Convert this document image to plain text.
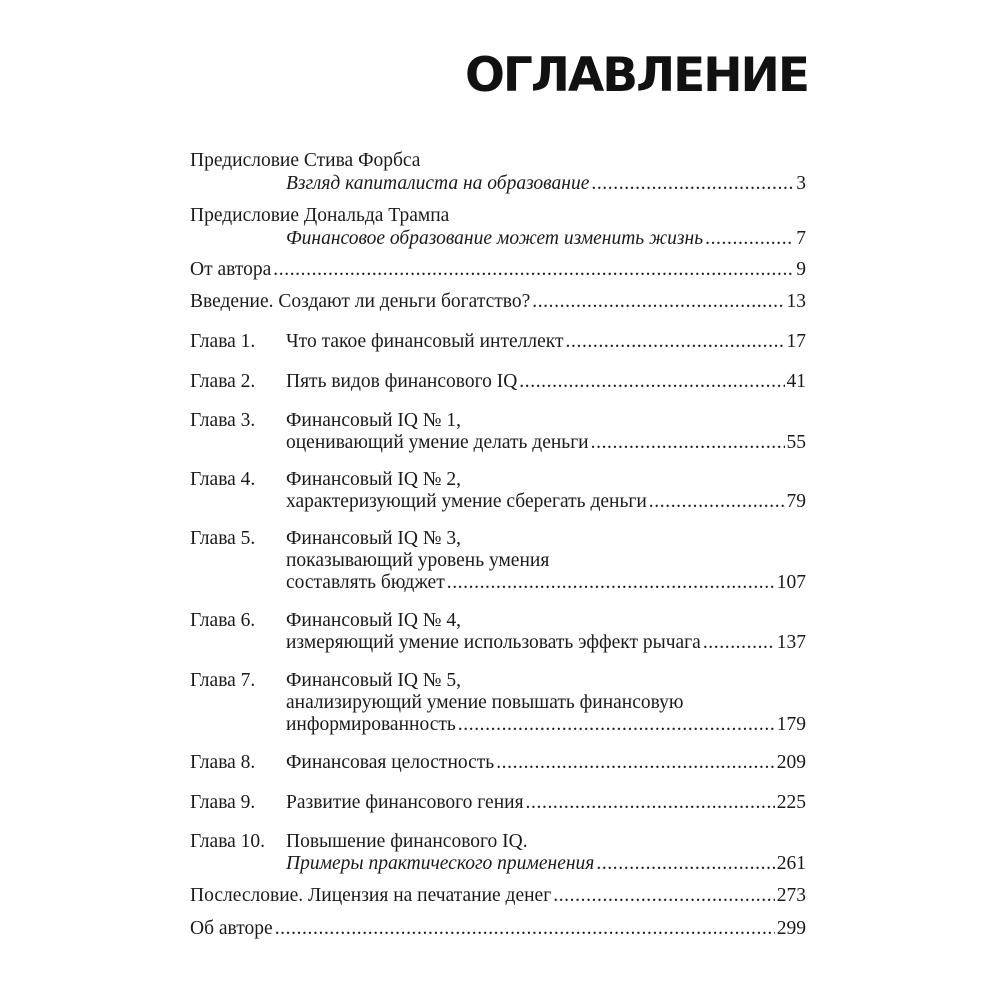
ОГЛАВЛЕНИЕ
Предисловие Стива Форбса
Взгляд капиталиста на образование .....	3
Предисловие Дональда Трампа
Финансовое образование может изменить жизнь .....	7
От автора .....	9
Введение. Создают ли деньги богатство? .....	13
Глава 1.	Что такое финансовый интеллект .....	17
Глава 2.	Пять видов финансового IQ .....	41
Глава 3.	Финансовый IQ № 1,
оценивающий умение делать деньги .....	55
Глава 4.	Финансовый IQ № 2,
характеризующий умение сберегать деньги .....	79
Глава 5.	Финансовый IQ № 3,
показывающий уровень умения
составлять бюджет .....	107
Глава 6.	Финансовый IQ № 4,
измеряющий умение использовать эффект рычага .....	137
Глава 7.	Финансовый IQ № 5,
анализирующий умение повышать финансовую
информированность .....	179
Глава 8.	Финансовая целостность .....	209
Глава 9.	Развитие финансового гения .....	225
Глава 10.	Повышение финансового IQ.
Примеры практического применения .....	261
Послесловие. Лицензия на печатание денег .....	273
Об авторе .....	299
